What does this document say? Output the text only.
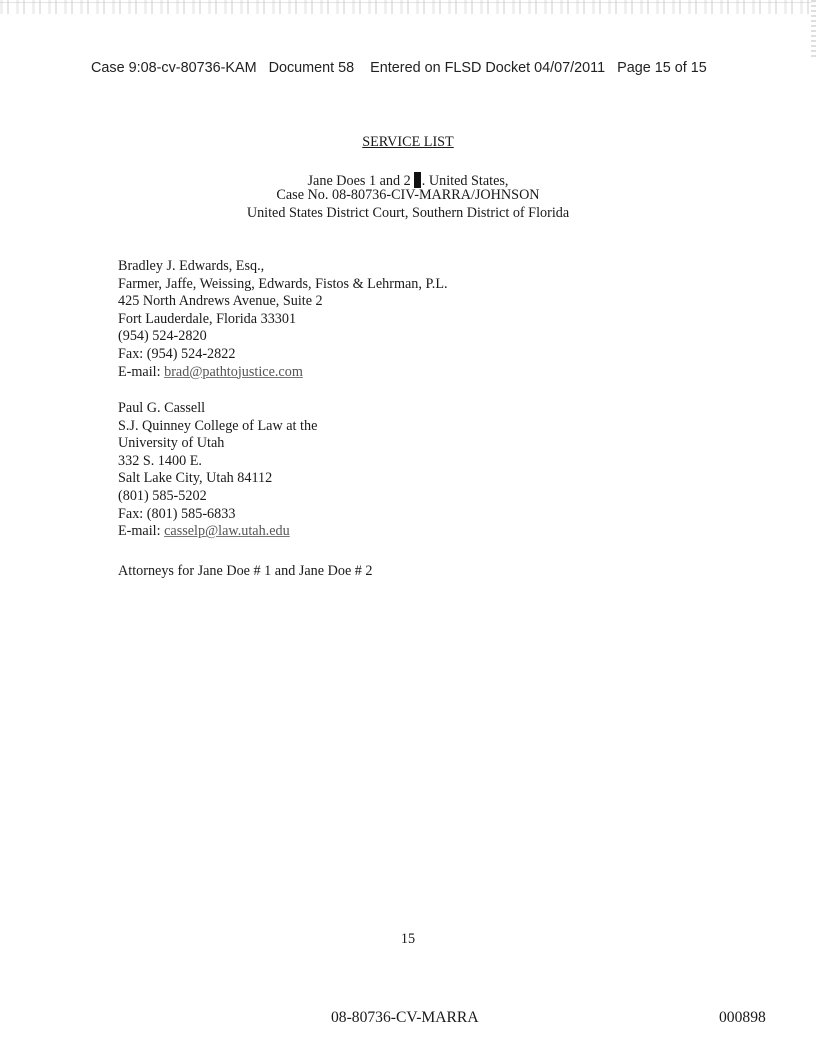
Case 9:08-cv-80736-KAM Document 58 Entered on FLSD Docket 04/07/2011 Page 15 of 15
SERVICE LIST
Jane Does 1 and 2 . United States,
Case No. 08-80736-CIV-MARRA/JOHNSON
United States District Court, Southern District of Florida
Bradley J. Edwards, Esq.,
Farmer, Jaffe, Weissing, Edwards, Fistos & Lehrman, P.L.
425 North Andrews Avenue, Suite 2
Fort Lauderdale, Florida 33301
(954) 524-2820
Fax: (954) 524-2822
E-mail: brad@pathtojustice.com
Paul G. Cassell
S.J. Quinney College of Law at the
University of Utah
332 S. 1400 E.
Salt Lake City, Utah 84112
(801) 585-5202
Fax: (801) 585-6833
E-mail: casselp@law.utah.edu
Attorneys for Jane Doe # 1 and Jane Doe # 2
15
08-80736-CV-MARRA	000898
